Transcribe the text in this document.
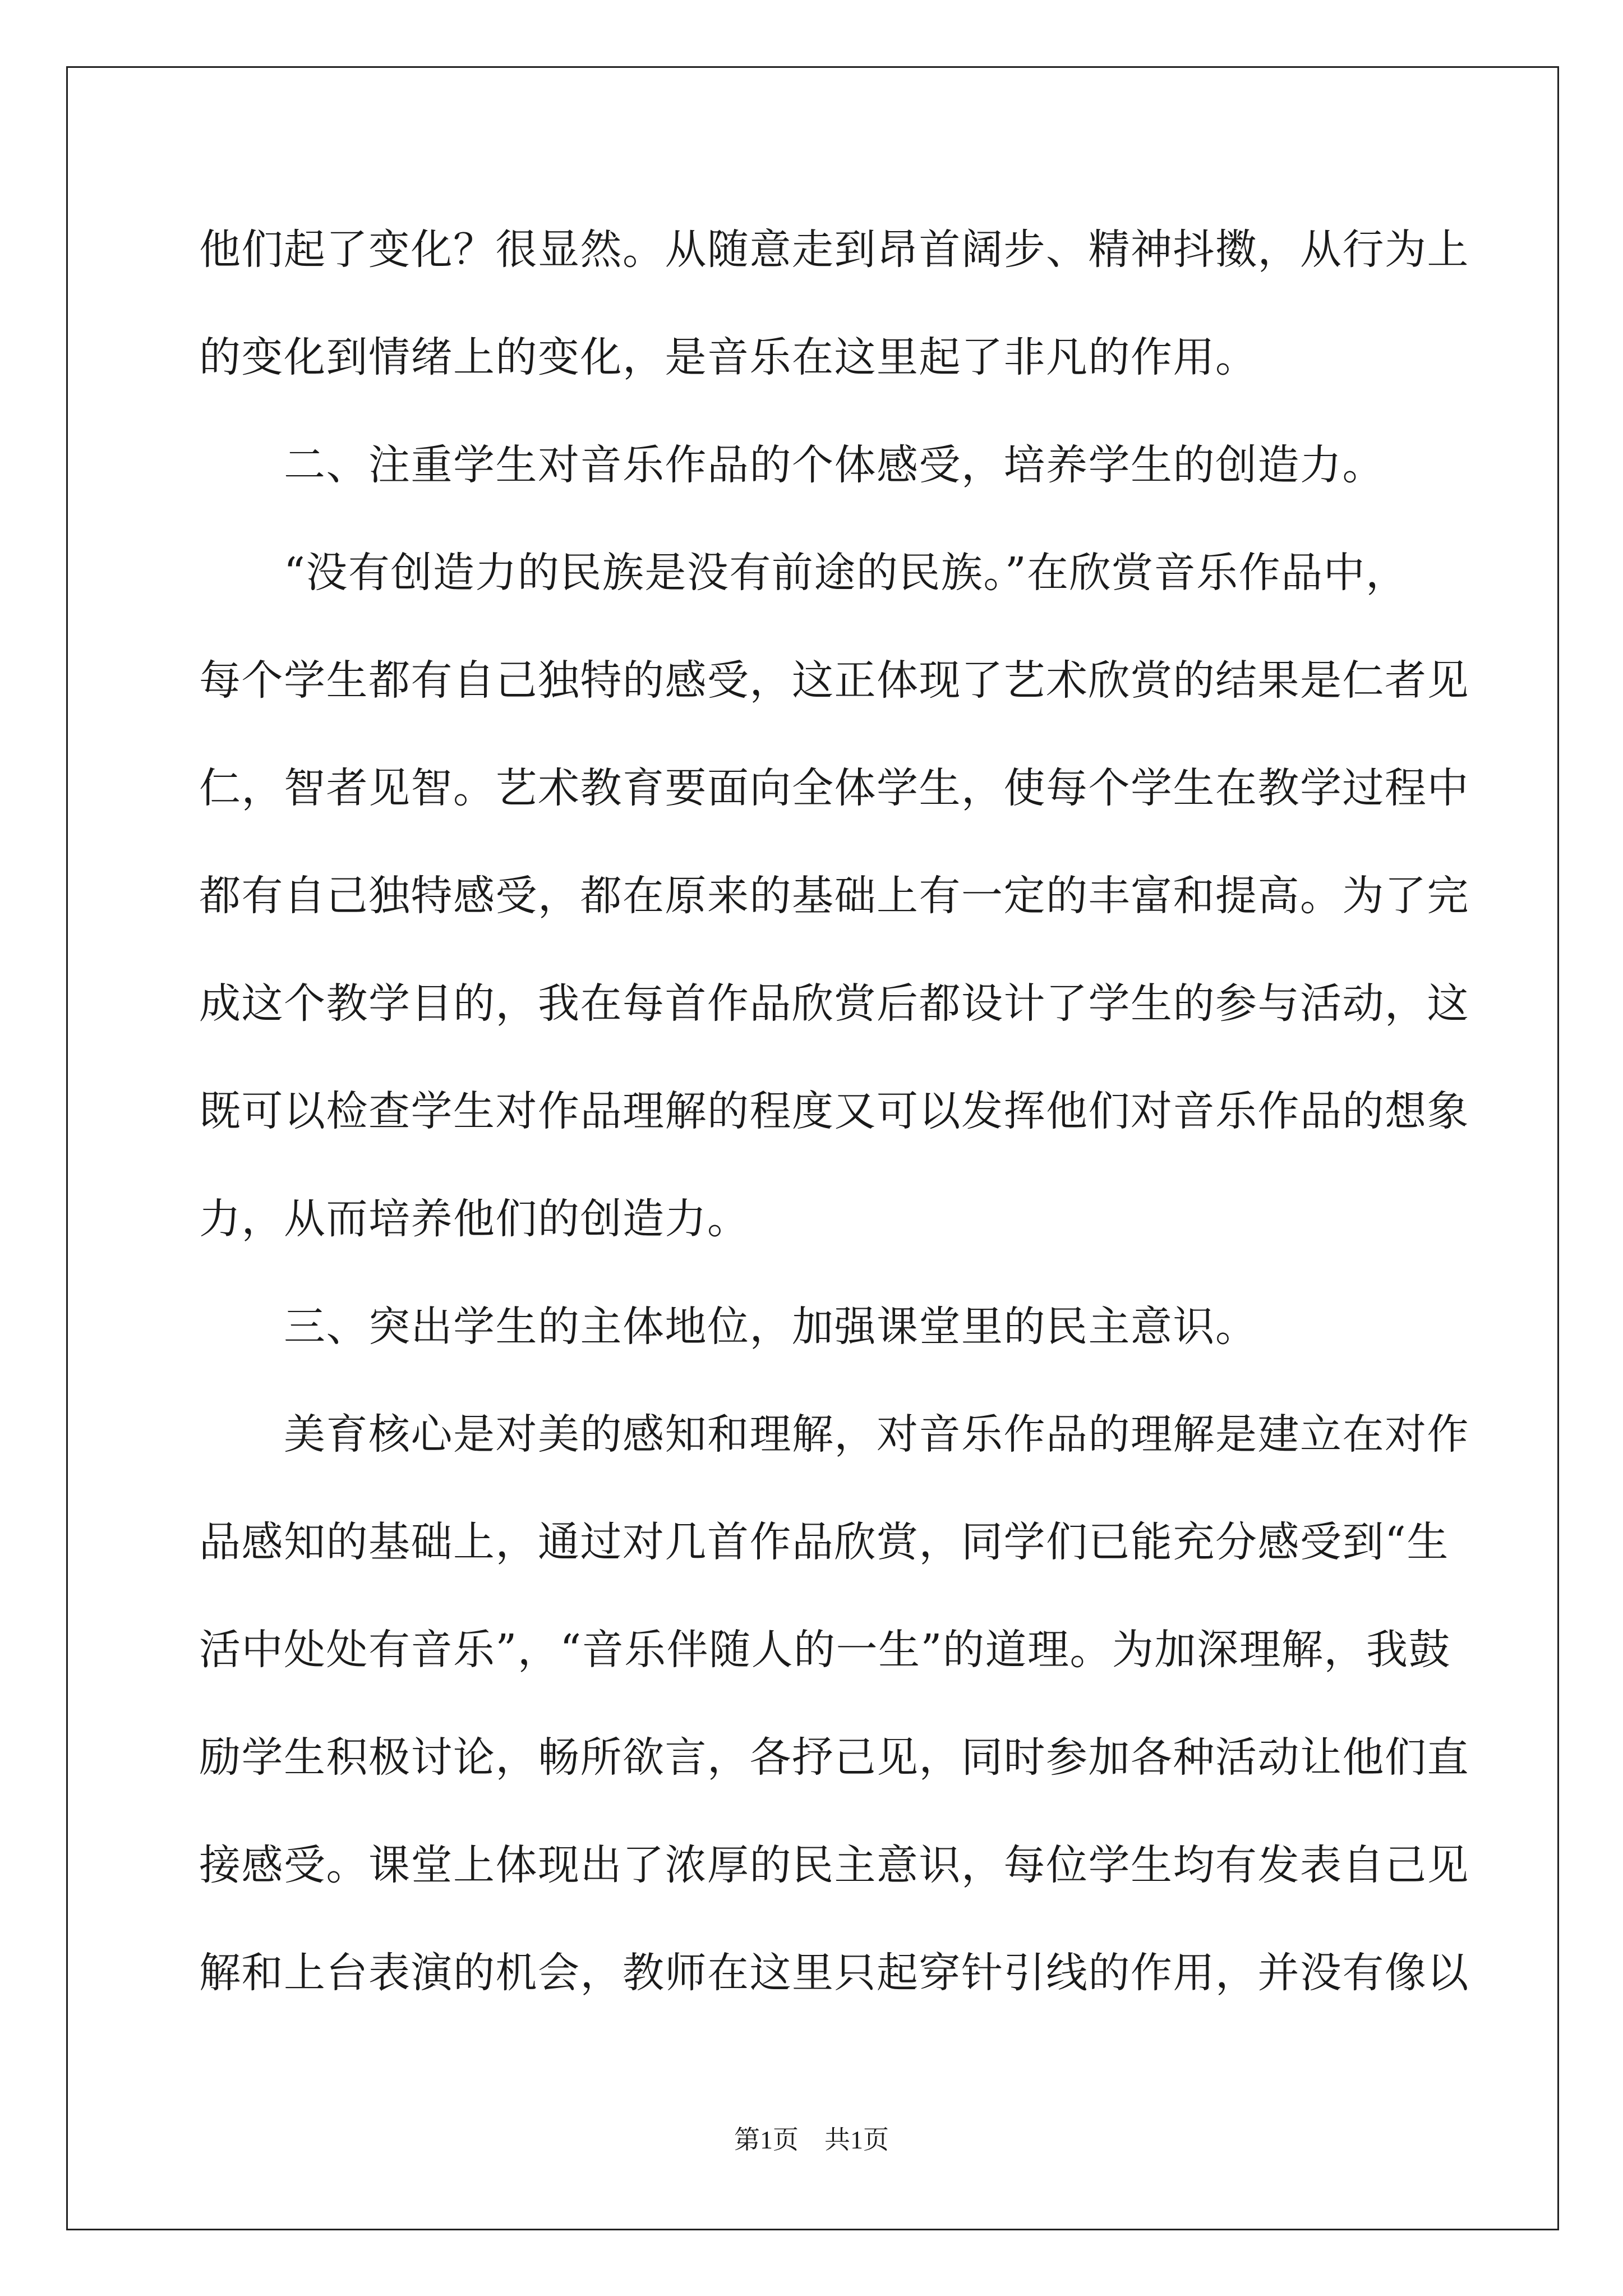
他们起了变化？很显然。从随意走到昂首阔步、精神抖擞，从行为上
的变化到情绪上的变化，是音乐在这里起了非凡的作用。
　　二、注重学生对音乐作品的个体感受，培养学生的创造力。
　　“没有创造力的民族是没有前途的民族。”在欣赏音乐作品中，
每个学生都有自己独特的感受，这正体现了艺术欣赏的结果是仁者见
仁，智者见智。艺术教育要面向全体学生，使每个学生在教学过程中
都有自己独特感受，都在原来的基础上有一定的丰富和提高。为了完
成这个教学目的，我在每首作品欣赏后都设计了学生的参与活动，这
既可以检查学生对作品理解的程度又可以发挥他们对音乐作品的想象
力，从而培养他们的创造力。
　　三、突出学生的主体地位，加强课堂里的民主意识。
　　美育核心是对美的感知和理解，对音乐作品的理解是建立在对作
品感知的基础上，通过对几首作品欣赏，同学们已能充分感受到“生
活中处处有音乐”，“音乐伴随人的一生”的道理。为加深理解，我鼓
励学生积极讨论，畅所欲言，各抒己见，同时参加各种活动让他们直
接感受。课堂上体现出了浓厚的民主意识，每位学生均有发表自己见
解和上台表演的机会，教师在这里只起穿针引线的作用，并没有像以
第1页　共1页
